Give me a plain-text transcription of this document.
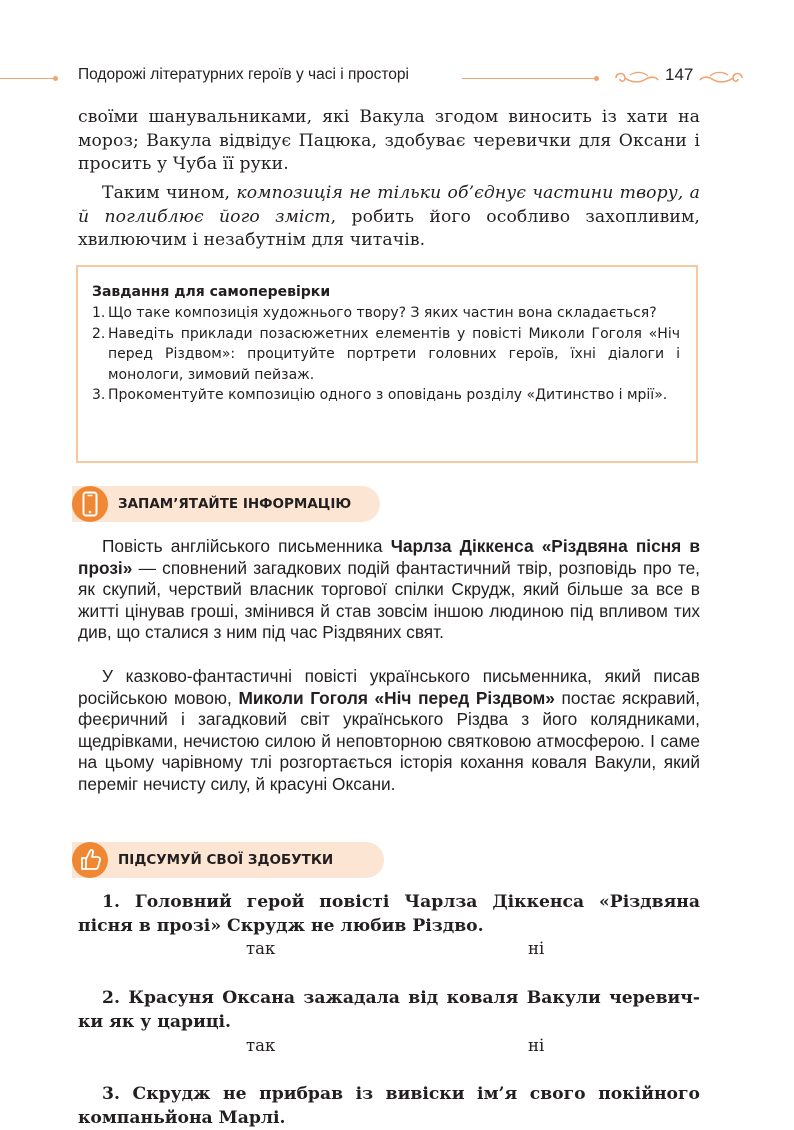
Подорожі літературних героїв у часі і просторі	147

своїми шанувальниками, які Вакула згодом виносить із хати на мороз; Вакула відвідує Пацюка, здобуває черевички для Оксани і просить у Чуба її руки.

Таким чином, композиція не тільки об’єднує частини твору, а й поглиблює його зміст, робить його особливо захопливим, хвилюючим і незабутнім для читачів.

Завдання для самоперевірки
1. Що таке композиція художнього твору? З яких частин вона складається?
2. Наведіть приклади позасюжетних елементів у повісті Миколи Гоголя «Ніч перед Різдвом»: процитуйте портрети головних героїв, їхні діалоги і монологи, зимовий пейзаж.
3. Прокоментуйте композицію одного з оповідань розділу «Дитинство і мрії».
ЗАПАМ’ЯТАЙТЕ ІНФОРМАЦІЮ

Повість англійського письменника Чарлза Діккенса «Різдвяна пісня в прозі» — сповнений загадкових подій фантастичний твір, розповідь про те, як скупий, черствий власник торгової спілки Скрудж, який більше за все в житті цінував гроші, змінився й став зовсім іншою людиною під впливом тих див, що сталися з ним під час Різдвяних свят.

У казково-фантастичні повісті українського письменника, який писав російською мовою, Миколи Гоголя «Ніч перед Різдвом» постає яскравий, феєричний і загадковий світ українського Різдва з його колядниками, щедрівками, нечистою силою й неповторною святковою атмосферою. І саме на цьому чарівному тлі розгортається історія кохання коваля Вакули, який переміг нечисту силу, й красуні Оксани.

ПІДСУМУЙ СВОЇ ЗДОБУТКИ

1. Головний герой повісті Чарлза Діккенса «Різдвяна пісня в прозі» Скрудж не любив Різдво.

так	ні

2. Красуня Оксана зажадала від коваля Вакули черевички як у цариці.

так	ні

3. Скрудж не прибрав із вивіски ім’я свого покійного компаньйона Марлі.
